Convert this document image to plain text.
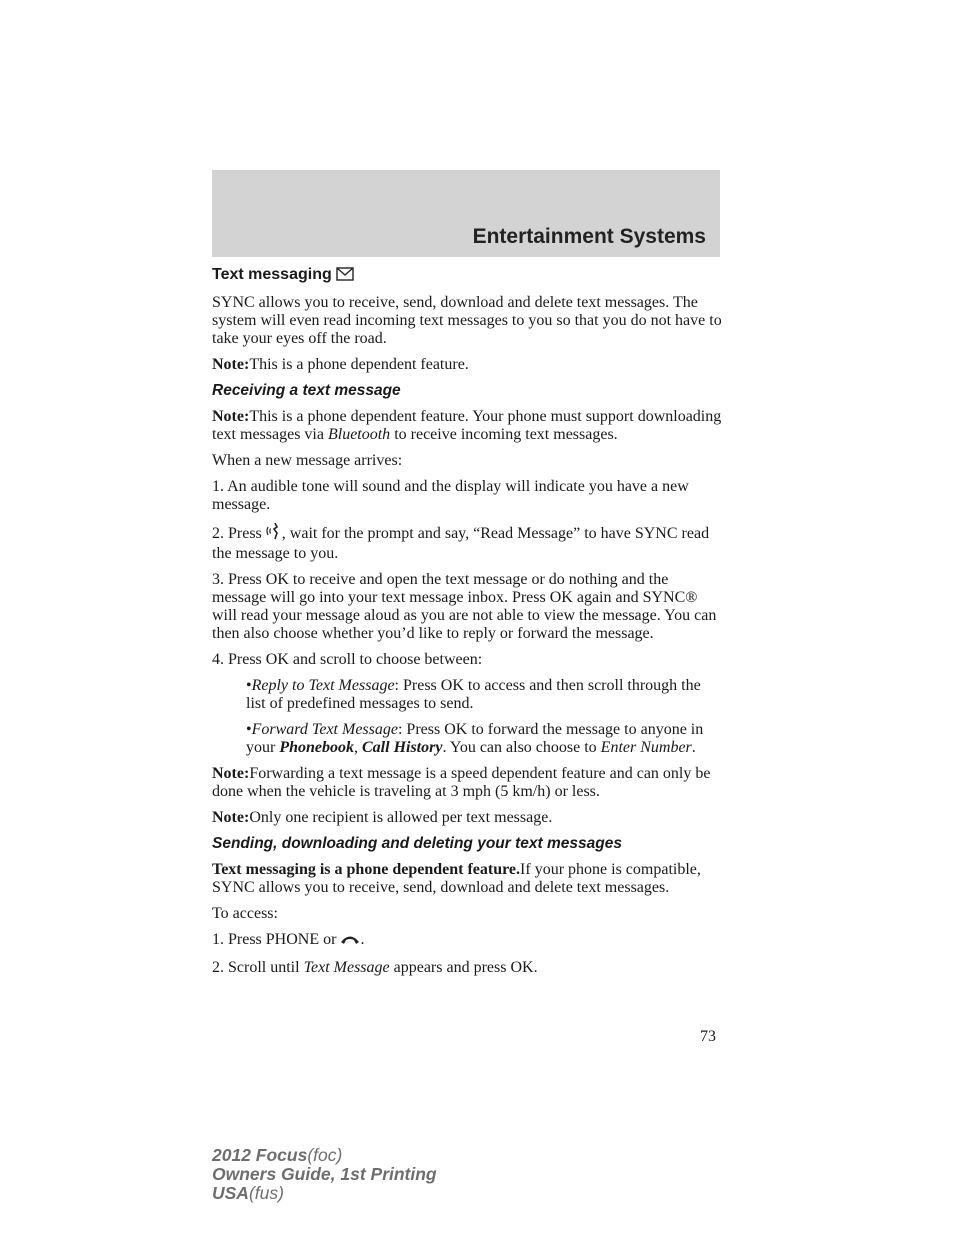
Entertainment Systems
Text messaging

SYNC allows you to receive, send, download and delete text messages. The system will even read incoming text messages to you so that you do not have to take your eyes off the road.

Note:This is a phone dependent feature.

Receiving a text message

Note:This is a phone dependent feature. Your phone must support downloading text messages via Bluetooth to receive incoming text messages.

When a new message arrives:

1. An audible tone will sound and the display will indicate you have a new message.

2. Press , wait for the prompt and say, “Read Message” to have SYNC read the message to you.

3. Press OK to receive and open the text message or do nothing and the message will go into your text message inbox. Press OK again and SYNC® will read your message aloud as you are not able to view the message. You can then also choose whether you’d like to reply or forward the message.

4. Press OK and scroll to choose between:

•Reply to Text Message: Press OK to access and then scroll through the list of predefined messages to send.

•Forward Text Message: Press OK to forward the message to anyone in your Phonebook, Call History. You can also choose to Enter Number.

Note:Forwarding a text message is a speed dependent feature and can only be done when the vehicle is traveling at 3 mph (5 km/h) or less.

Note:Only one recipient is allowed per text message.

Sending, downloading and deleting your text messages

Text messaging is a phone dependent feature.If your phone is compatible, SYNC allows you to receive, send, download and delete text messages.

To access:

1. Press PHONE or .

2. Scroll until Text Message appears and press OK.

73
2012 Focus(foc)
Owners Guide, 1st Printing
USA(fus)
